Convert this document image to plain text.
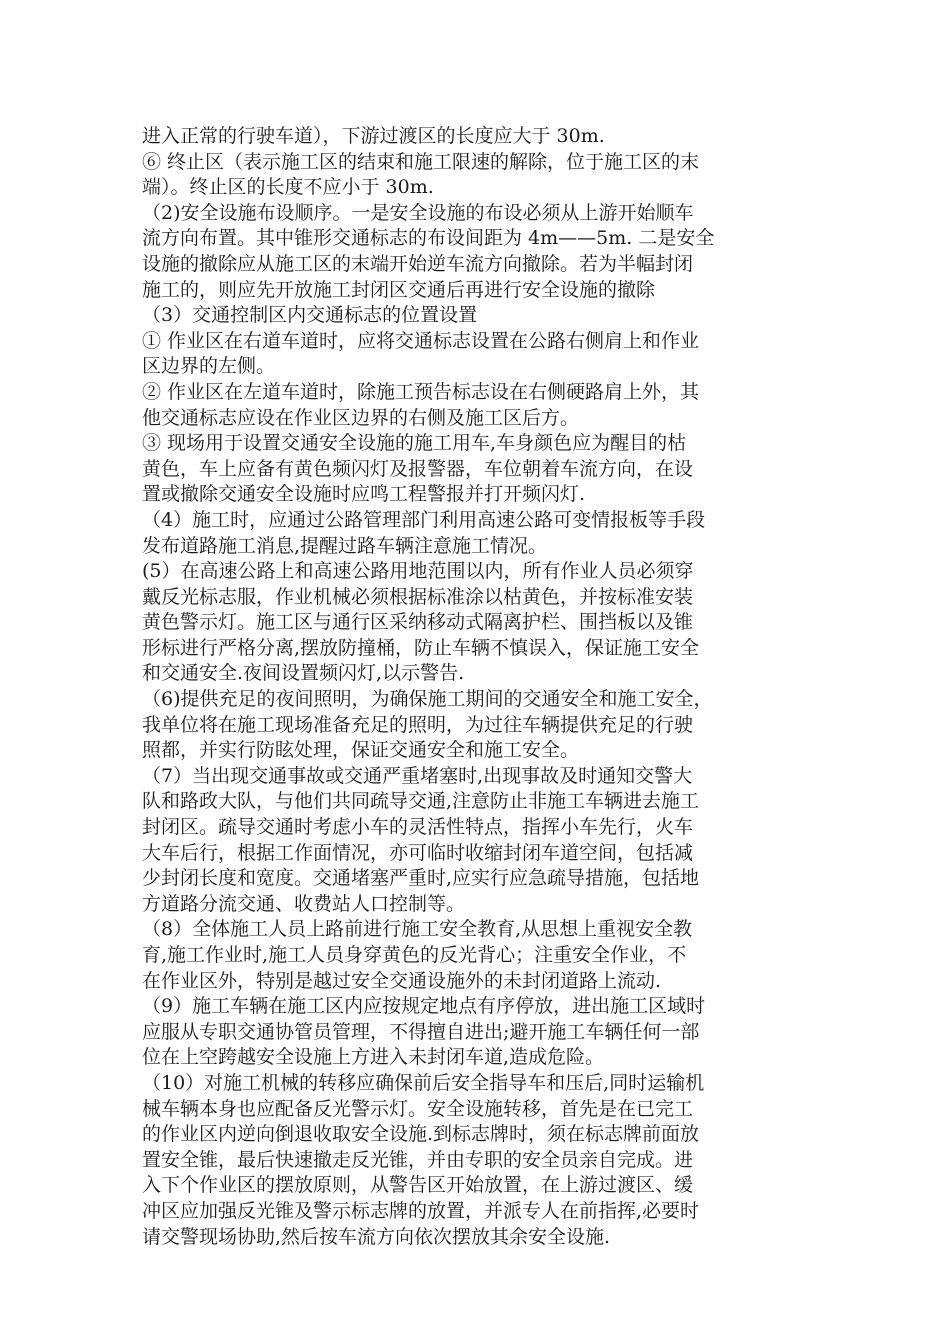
进入正常的行驶车道），下游过渡区的长度应大于 30m.
⑥ 终止区（表示施工区的结束和施工限速的解除，位于施工区的末
端）。终止区的长度不应小于 30m.
（2)安全设施布设顺序。一是安全设施的布设必须从上游开始顺车
流方向布置。其中锥形交通标志的布设间距为 4m——5m. 二是安全
设施的撤除应从施工区的末端开始逆车流方向撤除。若为半幅封闭
施工的，则应先开放施工封闭区交通后再进行安全设施的撤除
（3）交通控制区内交通标志的位置设置
① 作业区在右道车道时，应将交通标志设置在公路右侧肩上和作业
区边界的左侧。
② 作业区在左道车道时，除施工预告标志设在右侧硬路肩上外，其
他交通标志应设在作业区边界的右侧及施工区后方。
③ 现场用于设置交通安全设施的施工用车,车身颜色应为醒目的枯
黄色，车上应备有黄色频闪灯及报警器，车位朝着车流方向，在设
置或撤除交通安全设施时应鸣工程警报并打开频闪灯.
（4）施工时，应通过公路管理部门利用高速公路可变情报板等手段
发布道路施工消息,提醒过路车辆注意施工情况。
(5）在高速公路上和高速公路用地范围以内，所有作业人员必须穿
戴反光标志服，作业机械必须根据标准涂以枯黄色，并按标准安装
黄色警示灯。施工区与通行区采纳移动式隔离护栏、围挡板以及锥
形标进行严格分离,摆放防撞桶，防止车辆不慎误入，保证施工安全
和交通安全.夜间设置频闪灯,以示警告.
（6)提供充足的夜间照明，为确保施工期间的交通安全和施工安全，
我单位将在施工现场准备充足的照明，为过往车辆提供充足的行驶
照都，并实行防眩处理，保证交通安全和施工安全。
（7）当出现交通事故或交通严重堵塞时,出现事故及时通知交警大
队和路政大队，与他们共同疏导交通,注意防止非施工车辆进去施工
封闭区。疏导交通时考虑小车的灵活性特点，指挥小车先行，火车
大车后行，根据工作面情况，亦可临时收缩封闭车道空间，包括减
少封闭长度和宽度。交通堵塞严重时,应实行应急疏导措施，包括地
方道路分流交通、收费站人口控制等。
（8）全体施工人员上路前进行施工安全教育,从思想上重视安全教
育,施工作业时,施工人员身穿黄色的反光背心；注重安全作业，不
在作业区外，特别是越过安全交通设施外的未封闭道路上流动.
（9）施工车辆在施工区内应按规定地点有序停放，进出施工区域时
应服从专职交通协管员管理，不得擅自进出;避开施工车辆任何一部
位在上空跨越安全设施上方进入未封闭车道,造成危险。
（10）对施工机械的转移应确保前后安全指导车和压后,同时运输机
械车辆本身也应配备反光警示灯。安全设施转移，首先是在已完工
的作业区内逆向倒退收取安全设施.到标志牌时，须在标志牌前面放
置安全锥，最后快速撤走反光锥，并由专职的安全员亲自完成。进
入下个作业区的摆放原则，从警告区开始放置，在上游过渡区、缓
冲区应加强反光锥及警示标志牌的放置，并派专人在前指挥,必要时
请交警现场协助,然后按车流方向依次摆放其余安全设施.
